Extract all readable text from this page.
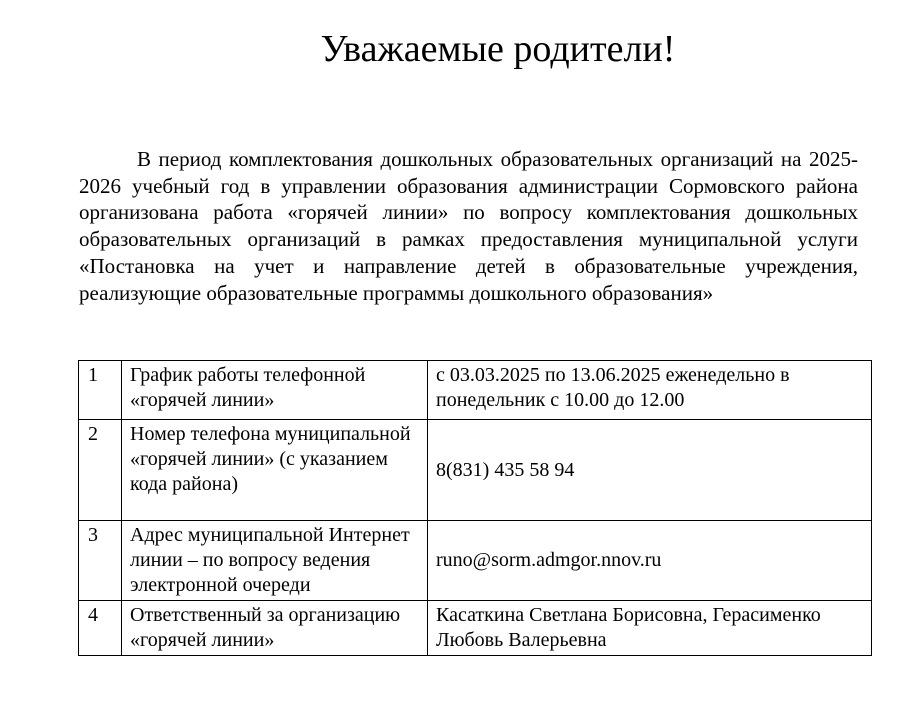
Уважаемые родители!

В период комплектования дошкольных образовательных организаций на 2025-2026 учебный год в управлении образования администрации Сормовского района организована работа «горячей линии» по вопросу комплектования дошкольных образовательных организаций в рамках предоставления муниципальной услуги «Постановка на учет и направление детей в образовательные учреждения, реализующие образовательные программы дошкольного образования»

1	График работы телефонной «горячей линии»	с 03.03.2025 по 13.06.2025 еженедельно в понедельник с 10.00 до 12.00
2	Номер телефона муниципальной «горячей линии» (с указанием кода района)	8(831) 435 58 94
3	Адрес муниципальной Интернет линии – по вопросу ведения электронной очереди	runo@sorm.admgor.nnov.ru
4	Ответственный за организацию «горячей линии»	Касаткина Светлана Борисовна, Герасименко Любовь Валерьевна
